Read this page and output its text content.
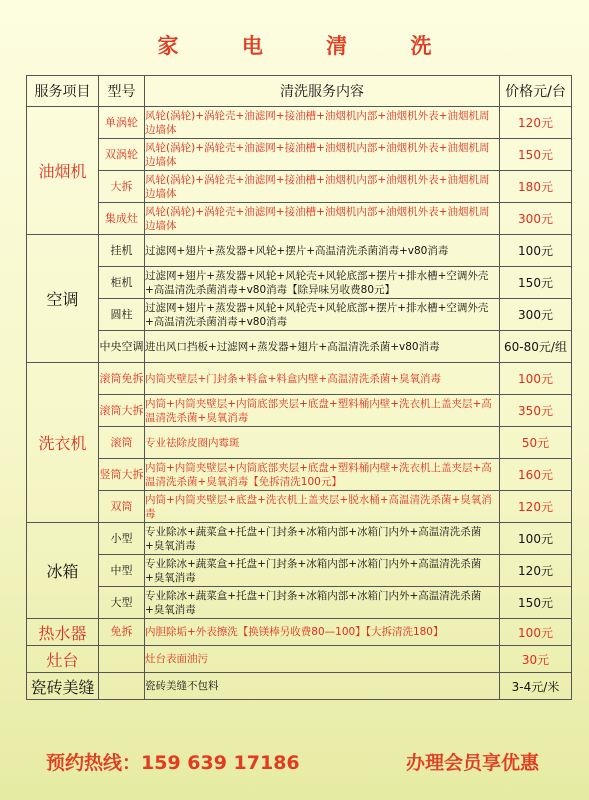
家 电 清 洗
服务项目	型号	清洗服务内容	价格元/台
油烟机	单涡轮	风轮(涡轮)+涡轮壳+油滤网+接油槽+油烟机内部+油烟机外表+油烟机周边墙体	120元
	双涡轮	风轮(涡轮)+涡轮壳+油滤网+接油槽+油烟机内部+油烟机外表+油烟机周边墙体	150元
	大拆	风轮(涡轮)+涡轮壳+油滤网+接油槽+油烟机内部+油烟机外表+油烟机周边墙体	180元
	集成灶	风轮(涡轮)+涡轮壳+油滤网+接油槽+油烟机内部+油烟机外表+油烟机周边墙体	300元
空调	挂机	过滤网+翅片+蒸发器+风轮+摆片+高温清洗杀菌消毒+v80消毒	100元
	柜机	过滤网+翅片+蒸发器+风轮+风轮壳+风轮底部+摆片+排水槽+空调外壳+高温清洗杀菌消毒+v80消毒【除异味另收费80元】	150元
	圆柱	过滤网+翅片+蒸发器+风轮+风轮壳+风轮底部+摆片+排水槽+空调外壳+高温清洗杀菌消毒+v80消毒	300元
	中央空调	进出风口挡板+过滤网+蒸发器+翅片+高温清洗杀菌+v80消毒	60-80元/组
洗衣机	滚筒免拆	内筒夹壁层+门封条+料盒+料盒内壁+高温清洗杀菌+臭氧消毒	100元
	滚筒大拆	内筒+内筒夹壁层+内筒底部夹层+底盘+塑料桶内壁+洗衣机上盖夹层+高温清洗杀菌+臭氧消毒	350元
	滚筒	专业祛除皮圈内霉斑	50元
	竖筒大拆	内筒+内筒夹壁层+内筒底部夹层+底盘+塑料桶内壁+洗衣机上盖夹层+高温清洗杀菌+臭氧消毒【免拆清洗100元】	160元
	双筒	内筒+内筒夹壁层+底盘+洗衣机上盖夹层+脱水桶+高温清洗杀菌+臭氧消毒	120元
冰箱	小型	专业除冰+蔬菜盒+托盘+门封条+冰箱内部+冰箱门内外+高温清洗杀菌+臭氧消毒	100元
	中型	专业除冰+蔬菜盒+托盘+门封条+冰箱内部+冰箱门内外+高温清洗杀菌+臭氧消毒	120元
	大型	专业除冰+蔬菜盒+托盘+门封条+冰箱内部+冰箱门内外+高温清洗杀菌+臭氧消毒	150元
热水器	免拆	内胆除垢+外表擦洗【换镁棒另收费80—100】【大拆清洗180】	100元
灶台		灶台表面油污	30元
瓷砖美缝		瓷砖美缝不包料	3-4元/米
预约热线：159 639 17186	办理会员享优惠
